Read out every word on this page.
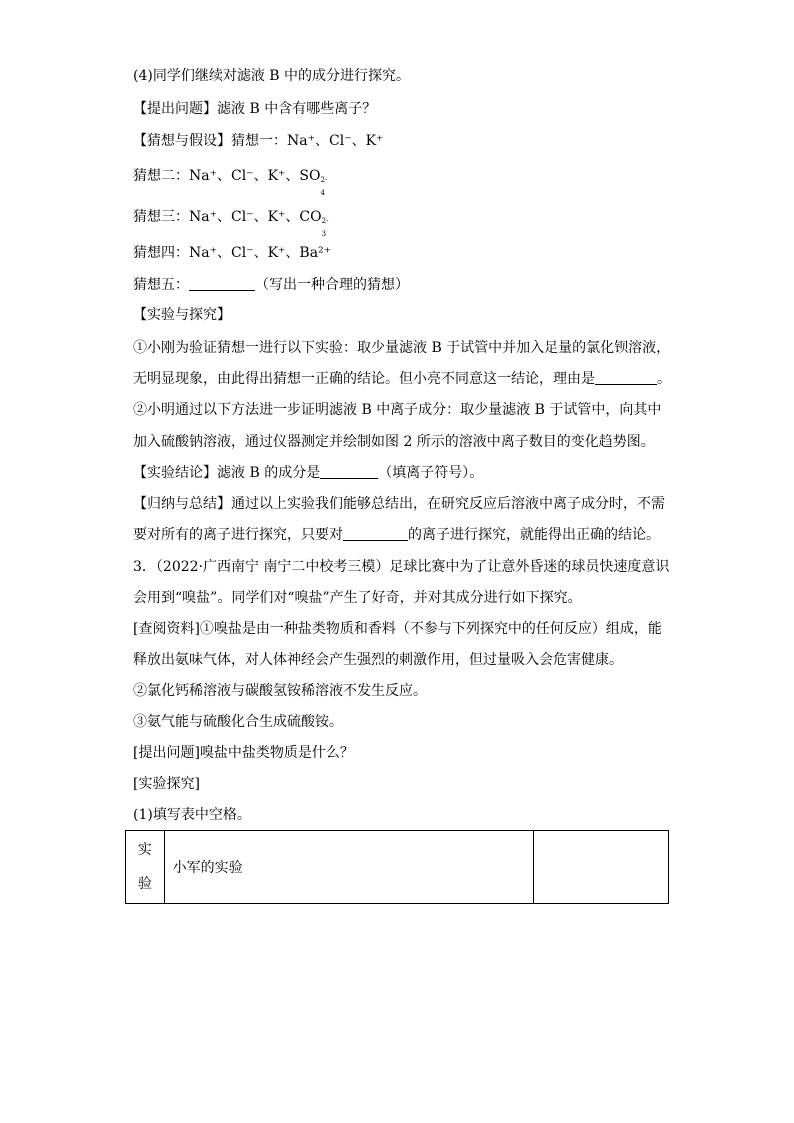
(4)同学们继续对滤液 B 中的成分进行探究。
【提出问题】滤液 B 中含有哪些离子？
【猜想与假设】猜想一：Na⁺、Cl⁻、K⁺
猜想二：Na⁺、Cl⁻、K⁺、SO 2-
4
猜想三：Na⁺、Cl⁻、K⁺、CO 2-
3
猜想四：Na⁺、Cl⁻、K⁺、Ba²⁺
猜想五：	（写出一种合理的猜想）
【实验与探究】
①小刚为验证猜想一进行以下实验：取少量滤液 B 于试管中并加入足量的氯化钡溶液，
无明显现象，由此得出猜想一正确的结论。但小亮不同意这一结论，理由是	。
②小明通过以下方法进一步证明滤液 B 中离子成分：取少量滤液 B 于试管中，向其中
加入硫酸钠溶液，通过仪器测定并绘制如图 2 所示的溶液中离子数目的变化趋势图。
【实验结论】滤液 B 的成分是	（填离子符号）。
【归纳与总结】通过以上实验我们能够总结出，在研究反应后溶液中离子成分时，不需
要对所有的离子进行探究，只要对	的离子进行探究，就能得出正确的结论。
3．（2022·广西南宁 南宁二中校考三模）足球比赛中为了让意外昏迷的球员快速度意识
会用到“嗅盐”。同学们对“嗅盐”产生了好奇，并对其成分进行如下探究。
[查阅资料]①嗅盐是由一种盐类物质和香料（不参与下列探究中的任何反应）组成，能
释放出氨味气体，对人体神经会产生强烈的刺激作用，但过量吸入会危害健康。
②氯化钙稀溶液与碳酸氢铵稀溶液不发生反应。
③氨气能与硫酸化合生成硫酸铵。
[提出问题]嗅盐中盐类物质是什么？
[实验探究]
(1)填写表中空格。
实
验
	小军的实验	
